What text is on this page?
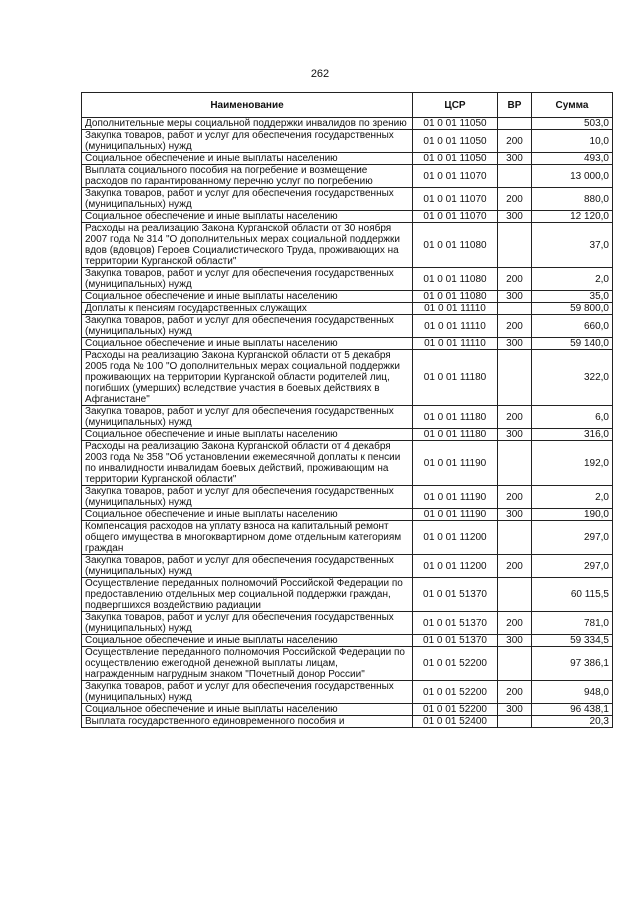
262
Наименование	ЦСР	ВР	Сумма
Дополнительные меры социальной поддержки инвалидов по зрению	01 0 01 11050		503,0
Закупка товаров, работ и услуг для обеспечения государственных (муниципальных) нужд	01 0 01 11050	200	10,0
Социальное обеспечение и иные выплаты населению	01 0 01 11050	300	493,0
Выплата социального пособия на погребение и возмещение расходов по гарантированному перечню услуг по погребению	01 0 01 11070		13 000,0
Закупка товаров, работ и услуг для обеспечения государственных (муниципальных) нужд	01 0 01 11070	200	880,0
Социальное обеспечение и иные выплаты населению	01 0 01 11070	300	12 120,0
Расходы на реализацию Закона Курганской области от 30 ноября 2007 года № 314 "О дополнительных мерах социальной поддержки вдов (вдовцов) Героев Социалистического Труда, проживающих на территории Курганской области"	01 0 01 11080		37,0
Закупка товаров, работ и услуг для обеспечения государственных (муниципальных) нужд	01 0 01 11080	200	2,0
Социальное обеспечение и иные выплаты населению	01 0 01 11080	300	35,0
Доплаты к пенсиям государственных служащих	01 0 01 11110		59 800,0
Закупка товаров, работ и услуг для обеспечения государственных (муниципальных) нужд	01 0 01 11110	200	660,0
Социальное обеспечение и иные выплаты населению	01 0 01 11110	300	59 140,0
Расходы на реализацию Закона Курганской области от 5 декабря 2005 года № 100 "О дополнительных мерах социальной поддержки проживающих на территории Курганской области родителей лиц, погибших (умерших) вследствие участия в боевых действиях в Афганистане"	01 0 01 11180		322,0
Закупка товаров, работ и услуг для обеспечения государственных (муниципальных) нужд	01 0 01 11180	200	6,0
Социальное обеспечение и иные выплаты населению	01 0 01 11180	300	316,0
Расходы на реализацию Закона Курганской области от 4 декабря 2003 года № 358 "Об установлении ежемесячной доплаты к пенсии по инвалидности инвалидам боевых действий, проживающим на территории Курганской области"	01 0 01 11190		192,0
Закупка товаров, работ и услуг для обеспечения государственных (муниципальных) нужд	01 0 01 11190	200	2,0
Социальное обеспечение и иные выплаты населению	01 0 01 11190	300	190,0
Компенсация расходов на уплату взноса на капитальный ремонт общего имущества в многоквартирном доме отдельным категориям граждан	01 0 01 11200		297,0
Закупка товаров, работ и услуг для обеспечения государственных (муниципальных) нужд	01 0 01 11200	200	297,0
Осуществление переданных полномочий Российской Федерации по предоставлению отдельных мер социальной поддержки граждан, подвергшихся воздействию радиации	01 0 01 51370		60 115,5
Закупка товаров, работ и услуг для обеспечения государственных (муниципальных) нужд	01 0 01 51370	200	781,0
Социальное обеспечение и иные выплаты населению	01 0 01 51370	300	59 334,5
Осуществление переданного полномочия Российской Федерации по осуществлению ежегодной денежной выплаты лицам, награжденным нагрудным знаком "Почетный донор России"	01 0 01 52200		97 386,1
Закупка товаров, работ и услуг для обеспечения государственных (муниципальных) нужд	01 0 01 52200	200	948,0
Социальное обеспечение и иные выплаты населению	01 0 01 52200	300	96 438,1
Выплата государственного единовременного пособия и	01 0 01 52400		20,3
